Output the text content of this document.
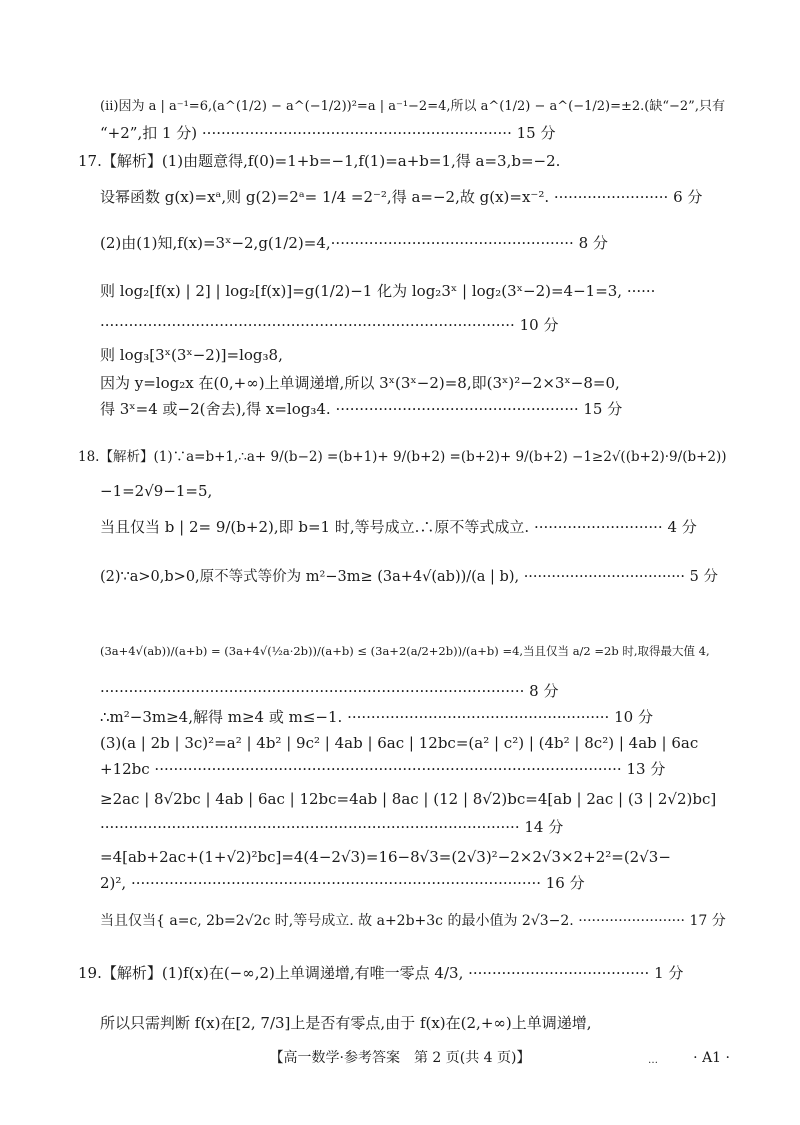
(ⅱ)因为 a | a⁻¹=6,(a^(1/2) − a^(−1/2))²=a | a⁻¹−2=4,所以 a^(1/2) − a^(−1/2)=±2.(缺“−2”,只有
“+2”,扣 1 分) ································································· 15 分
17.【解析】(1)由题意得,f(0)=1+b=−1,f(1)=a+b=1,得 a=3,b=−2.
设幂函数 g(x)=xᵃ,则 g(2)=2ᵃ= 1/4 =2⁻²,得 a=−2,故 g(x)=x⁻². ························ 6 分
(2)由(1)知,f(x)=3ˣ−2,g(1/2)=4,··················································· 8 分
则 log₂[f(x) | 2] | log₂[f(x)]=g(1/2)−1 化为 log₂3ˣ | log₂(3ˣ−2)=4−1=3, ······
······················································································· 10 分
则 log₃[3ˣ(3ˣ−2)]=log₃8,
因为 y=log₂x 在(0,+∞)上单调递增,所以 3ˣ(3ˣ−2)=8,即(3ˣ)²−2×3ˣ−8=0,
得 3ˣ=4 或−2(舍去),得 x=log₃4. ··················································· 15 分
18.【解析】(1)∵a=b+1,∴a+ 9/(b−2) =(b+1)+ 9/(b+2) =(b+2)+ 9/(b+2) −1≥2√((b+2)·9/(b+2))
−1=2√9−1=5,
当且仅当 b | 2= 9/(b+2),即 b=1 时,等号成立.∴原不等式成立. ··························· 4 分
(2)∵a>0,b>0,原不等式等价为 m²−3m≥ (3a+4√(ab))/(a | b), ··································· 5 分
(3a+4√(ab))/(a+b) = (3a+4√(½a·2b))/(a+b) ≤ (3a+2(a/2+2b))/(a+b) =4,当且仅当 a/2 =2b 时,取得最大值 4,
························································································· 8 分
∴m²−3m≥4,解得 m≥4 或 m≤−1. ······················································· 10 分
(3)(a | 2b | 3c)²=a² | 4b² | 9c² | 4ab | 6ac | 12bc=(a² | c²) | (4b² | 8c²) | 4ab | 6ac
+12bc ·································································································· 13 分
≥2ac | 8√2bc | 4ab | 6ac | 12bc=4ab | 8ac | (12 | 8√2)bc=4[ab | 2ac | (3 | 2√2)bc]
························································································ 14 分
=4[ab+2ac+(1+√2)²bc]=4(4−2√3)=16−8√3=(2√3)²−2×2√3×2+2²=(2√3−
2)², ······················································································ 16 分
当且仅当{ a=c, 2b=2√2c 时,等号成立. 故 a+2b+3c 的最小值为 2√3−2. ························ 17 分
19.【解析】(1)f(x)在(−∞,2)上单调递增,有唯一零点 4/3, ······································ 1 分
所以只需判断 f(x)在[2, 7/3]上是否有零点,由于 f(x)在(2,+∞)上单调递增,
【高一数学·参考答案　第 2 页(共 4 页)】	…	· A1 ·
